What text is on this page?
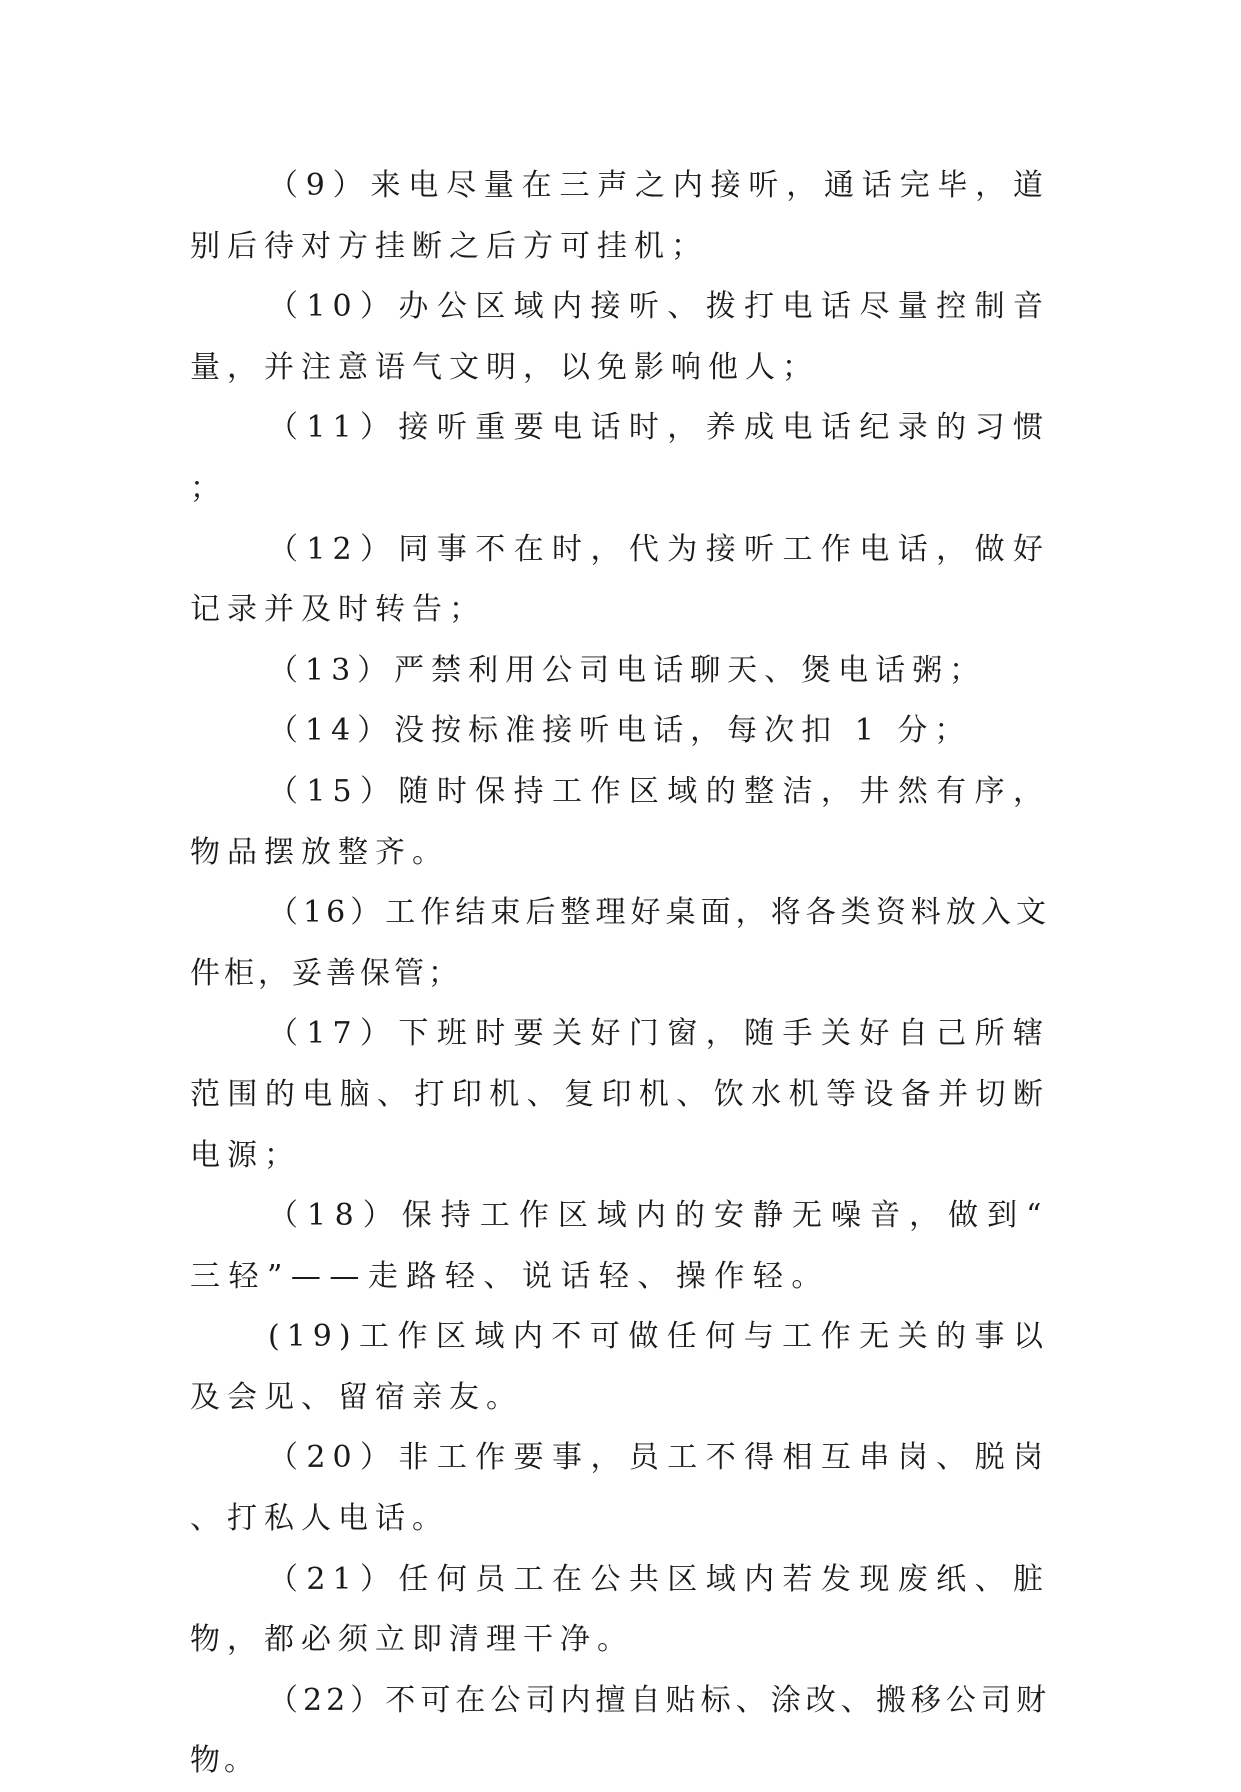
（9）来电尽量在三声之内接听，通话完毕，道别后待对方挂断之后方可挂机；

（10）办公区域内接听、拨打电话尽量控制音量，并注意语气文明，以免影响他人；

（11）接听重要电话时，养成电话纪录的习惯；

（12）同事不在时，代为接听工作电话，做好记录并及时转告；

（13）严禁利用公司电话聊天、煲电话粥；

（14）没按标准接听电话，每次扣 1 分；

（15）随时保持工作区域的整洁，井然有序，物品摆放整齐。

（16）工作结束后整理好桌面，将各类资料放入文件柜，妥善保管；

（17）下班时要关好门窗，随手关好自己所辖范围的电脑、打印机、复印机、饮水机等设备并切断电源；

（18）保持工作区域内的安静无噪音，做到“三轻”——走路轻、说话轻、操作轻。

(19)工作区域内不可做任何与工作无关的事以及会见、留宿亲友。

（20）非工作要事，员工不得相互串岗、脱岗、打私人电话。

（21）任何员工在公共区域内若发现废纸、脏物，都必须立即清理干净。

（22）不可在公司内擅自贴标、涂改、搬移公司财物。
